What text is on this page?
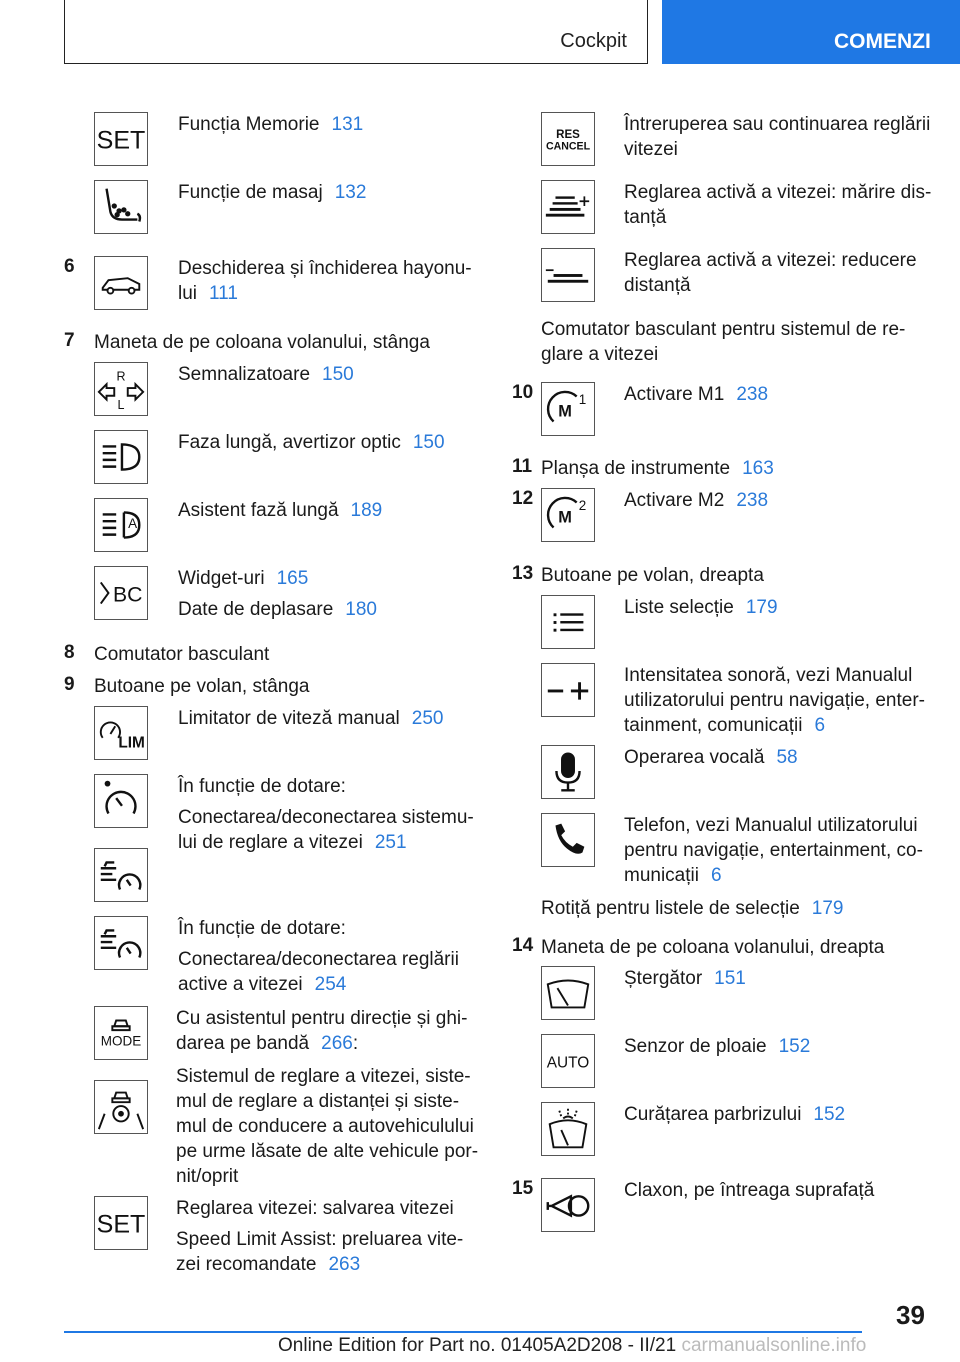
Cockpit	COMENZI
SET
Funcția Memorie 131
Funcție de masaj 132
6	Deschiderea și închiderea hayonu-
lui 111
7 Maneta de pe coloana volanului, stânga
R
L
Semnalizatoare 150
Faza lungă, avertizor optic 150
A
Asistent fază lungă 189
BC
Widget-uri 165
Date de deplasare 180
8 Comutator basculant
9 Butoane pe volan, stânga
LIM
Limitator de viteză manual 250
În funcție de dotare:
Conectarea/deconectarea sistemu-
lui de reglare a vitezei 251
În funcție de dotare:
Conectarea/deconectarea reglării
active a vitezei 254
MODE
Cu asistentul pentru direcție și ghi-
darea pe bandă 266:
Sistemul de reglare a vitezei, siste-
mul de reglare a distanței și siste-
mul de conducere a autovehiculului
pe urme lăsate de alte vehicule por-
nit/oprit
SET
Reglarea vitezei: salvarea vitezei
Speed Limit Assist: preluarea vite-
zei recomandate 263
RES
CANCEL
Întreruperea sau continuarea reglării
vitezei
Reglarea activă a vitezei: mărire dis-
tanță
Reglarea activă a vitezei: reducere
distanță
Comutator basculant pentru sistemul de re-
glare a vitezei
10
M
1 Activare M1 238
11 Planșa de instrumente 163
12
M
2 Activare M2 238
13 Butoane pe volan, dreapta
Liste selecție 179
Intensitatea sonoră, vezi Manualul
utilizatorului pentru navigație, enter-
tainment, comunicații 6
Operarea vocală 58
Telefon, vezi Manualul utilizatorului
pentru navigație, entertainment, co-
municații 6
Rotiță pentru listele de selecție 179
14 Maneta de pe coloana volanului, dreapta
Ștergător 151
AUTO
Senzor de ploaie 152
Curățarea parbrizului 152
15	Claxon, pe întreaga suprafață
39
Online Edition for Part no. 01405A2D208 - II/21 carmanualsonline.info
